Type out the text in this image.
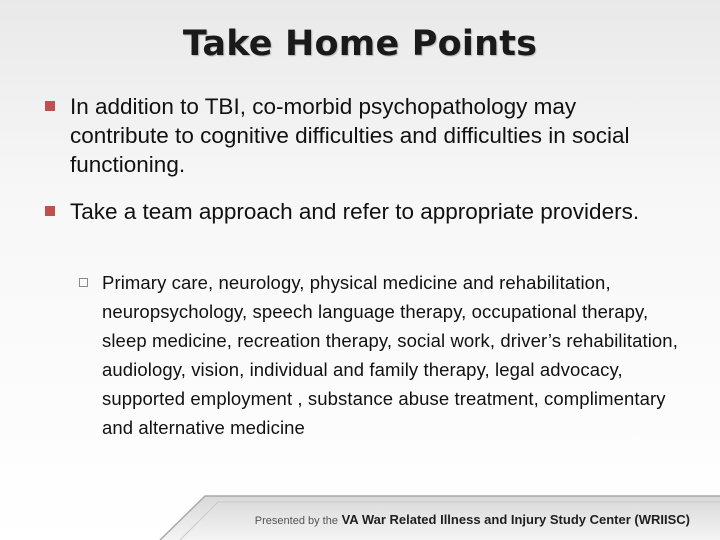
Take Home Points
In addition to TBI, co-morbid psychopathology may contribute to cognitive difficulties and difficulties in social functioning.
Take a team approach and refer to appropriate providers.
Primary care, neurology, physical medicine and rehabilitation, neuropsychology, speech language therapy, occupational therapy, sleep medicine, recreation therapy, social work, driver’s rehabilitation, audiology, vision, individual and family therapy, legal advocacy, supported employment , substance abuse treatment, complimentary and alternative medicine
Presented by the VA War Related Illness and Injury Study Center (WRIISC)
